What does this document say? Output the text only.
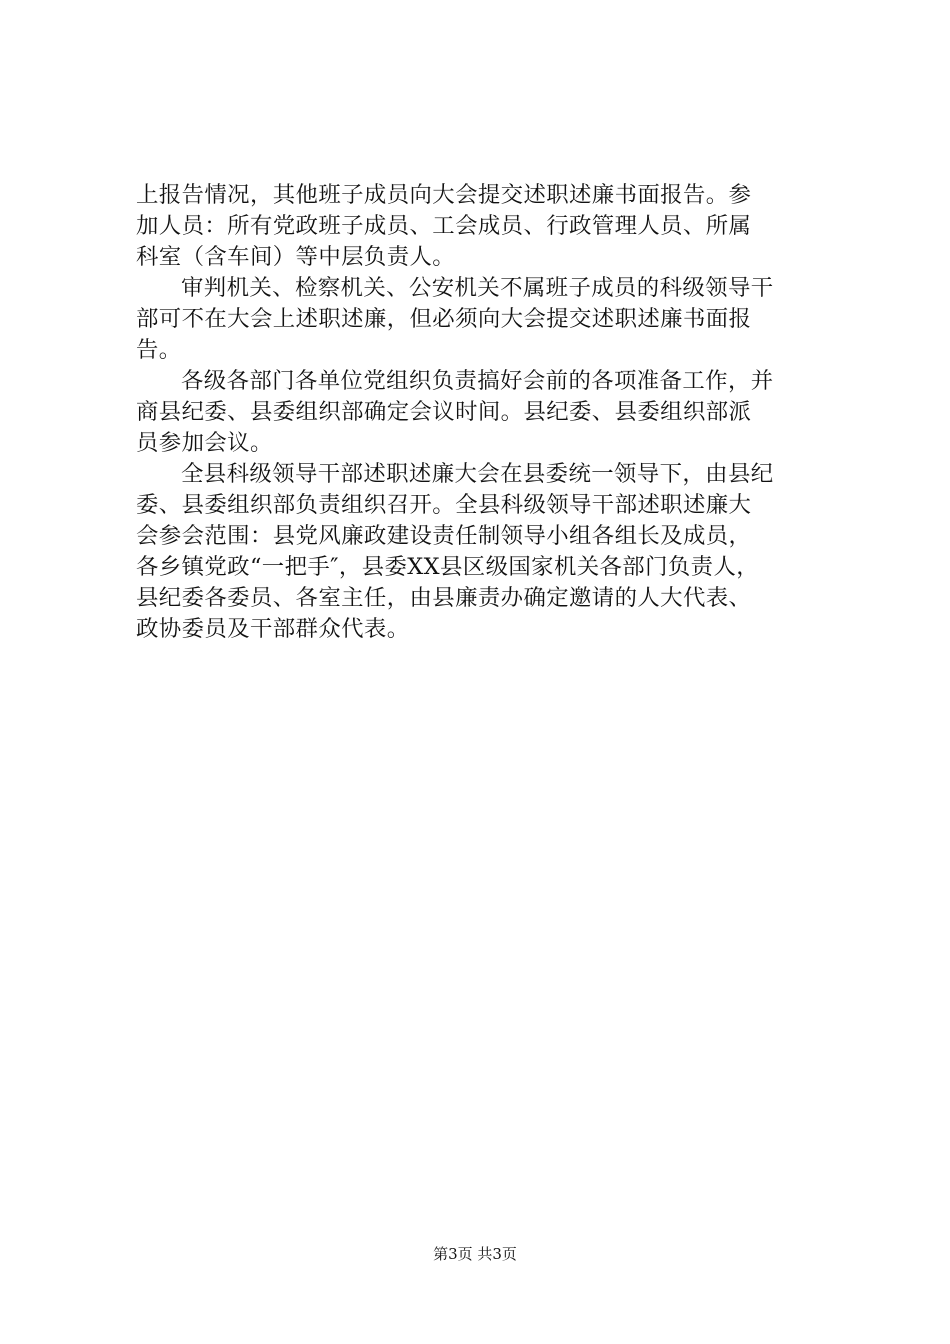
上报告情况，其他班子成员向大会提交述职述廉书面报告。参
加人员：所有党政班子成员、工会成员、行政管理人员、所属
科室（含车间）等中层负责人。
审判机关、检察机关、公安机关不属班子成员的科级领导干
部可不在大会上述职述廉，但必须向大会提交述职述廉书面报
告。
各级各部门各单位党组织负责搞好会前的各项准备工作，并
商县纪委、县委组织部确定会议时间。县纪委、县委组织部派
员参加会议。
全县科级领导干部述职述廉大会在县委统一领导下，由县纪
委、县委组织部负责组织召开。全县科级领导干部述职述廉大
会参会范围：县党风廉政建设责任制领导小组各组长及成员，
各乡镇党政“一把手″，县委XX县区级国家机关各部门负责人，
县纪委各委员、各室主任，由县廉责办确定邀请的人大代表、
政协委员及干部群众代表。
第3页 共3页
